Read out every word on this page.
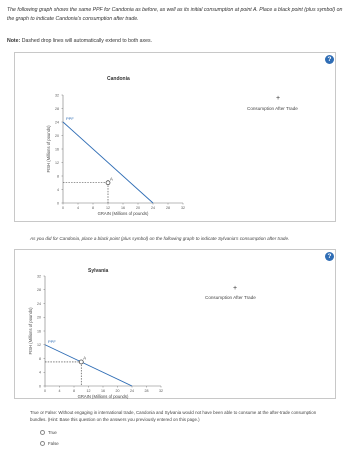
The following graph shows the same PPF for Candonia as before, as well as its initial consumption at point A. Place a black point (plus symbol) on the graph to indicate Candonia's consumption after trade.
Note: Dashed drop lines will automatically extend to both axes.
?
Candonia
+
Consumption After Trade
0	4	8	12	16	20	24	28	32
0
4
8
12
16
20
24
28
32
GRAIN (Millions of pounds)
FISH (Millions of pounds)
PPF
A
As you did for Candonia, place a black point (plus symbol) on the following graph to indicate Sylvania's consumption after trade.
?
Sylvania
+
Consumption After Trade
0	4	8	12	16	20	24	28	32
0
4
8
12
16
20
24
28
32
GRAIN (Millions of pounds)
FISH (Millions of pounds)	PPF
A
True or False: Without engaging in international trade, Candonia and Sylvania would not have been able to consume at the after-trade consumption bundles. (Hint: Base this question on the answers you previously entered on this page.)
True
False
